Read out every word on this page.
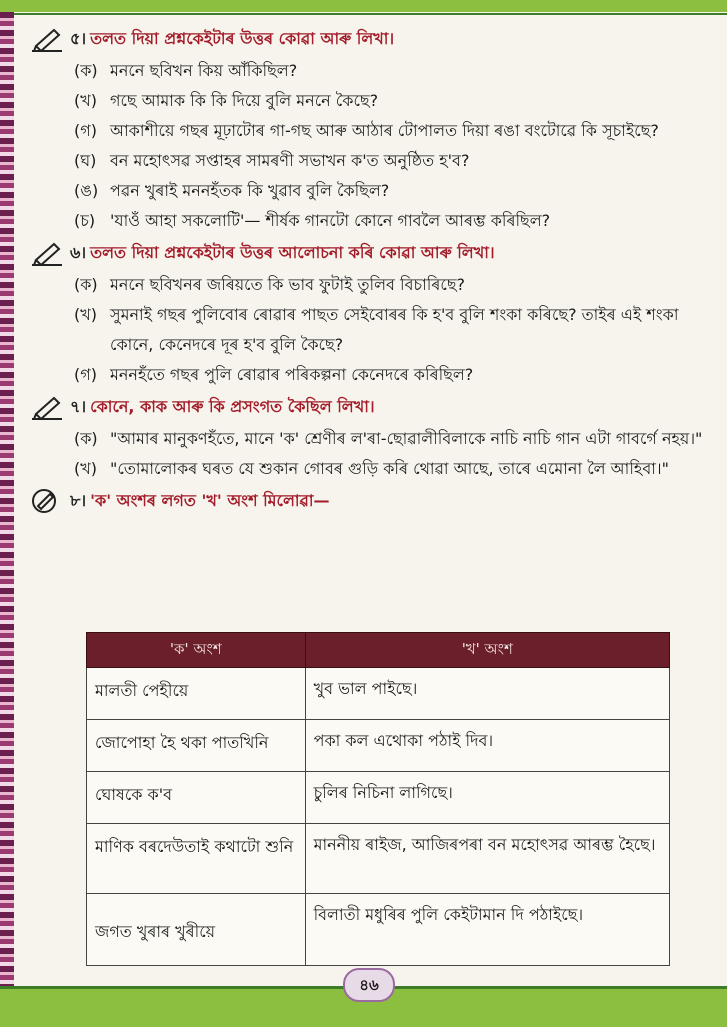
৫। তলত দিয়া প্ৰশ্নকেইটাৰ উত্তৰ কোৱা আৰু লিখা।
(ক) মননে ছবিখন কিয় আঁকিছিল?
(খ) গছে আমাক কি কি দিয়ে বুলি মননে কৈছে?
(গ) আকাশীয়ে গছৰ মূঢ়াটোৰ গা-গছ আৰু আঠাৰ টোপালত দিয়া ৰঙা বংটোৱে কি সূচাইছে?
(ঘ) বন মহোৎসৱ সপ্তাহৰ সামৰণী সভাখন ক'ত অনুষ্ঠিত হ'ব?
(ঙ) পৱন খুৰাই মননহঁতক কি খুৱাব বুলি কৈছিল?
(চ) 'যাওঁ আহা সকলোটি'— শীৰ্ষক গানটো কোনে গাবলৈ আৰম্ভ কৰিছিল?
৬। তলত দিয়া প্ৰশ্নকেইটাৰ উত্তৰ আলোচনা কৰি কোৱা আৰু লিখা।
(ক) মননে ছবিখনৰ জৰিয়তে কি ভাব ফুটাই তুলিব বিচাৰিছে?
(খ) সুমনাই গছৰ পুলিবোৰ ৰোৱাৰ পাছত সেইবোৰৰ কি হ'ব বুলি শংকা কৰিছে? তাইৰ এই শংকা কোনে, কেনেদৰে দূৰ হ'ব বুলি কৈছে?
(গ) মননহঁতে গছৰ পুলি ৰোৱাৰ পৰিকল্পনা কেনেদৰে কৰিছিল?
৭। কোনে, কাক আৰু কি প্ৰসংগত কৈছিল লিখা।
(ক) "আমাৰ মানুকণহঁতে, মানে 'ক' শ্ৰেণীৰ ল'ৰা-ছোৱালীবিলাকে নাচি নাচি গান এটা গাবৰ্গে নহয়।"
(খ) "তোমালোকৰ ঘৰত যে শুকান গোবৰ গুড়ি কৰি থোৱা আছে, তাৰে এমোনা লৈ আহিবা।"
৮। 'ক' অংশৰ লগত 'খ' অংশ মিলোৱা—
'ক' অংশ	'খ' অংশ
মালতী পেহীয়ে	খুব ভাল পাইছে।
জোপোহা হৈ থকা পাতখিনি	পকা কল এথোকা পঠাই দিব।
ঘোষকে ক'ব	চুলিৰ নিচিনা লাগিছে।
মাণিক বৰদেউতাই কথাটো শুনি	মাননীয় ৰাইজ, আজিৰপৰা বন মহোৎসৱ আৰম্ভ হৈছে।
জগত খুৰাৰ খুৰীয়ে	বিলাতী মধুৰিৰ পুলি কেইটামান দি পঠাইছে।
৪৬
